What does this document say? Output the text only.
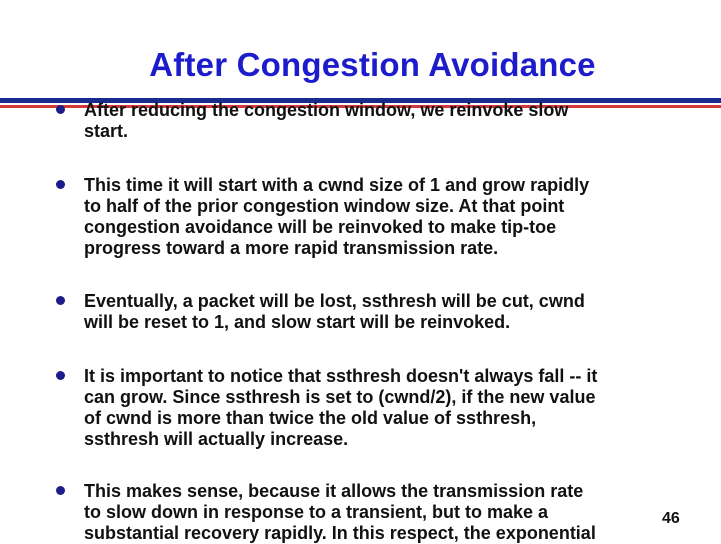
After Congestion Avoidance
After reducing the congestion window, we reinvoke slow
start.
This time it will start with a cwnd size of 1 and grow rapidly
to half of the prior congestion window size. At that point
congestion avoidance will be reinvoked to make tip-toe
progress toward a more rapid transmission rate.
Eventually, a packet will be lost, ssthresh will be cut, cwnd
will be reset to 1, and slow start will be reinvoked.
It is important to notice that ssthresh doesn't always fall -- it
can grow. Since ssthresh is set to (cwnd/2), if the new value
of cwnd is more than twice the old value of ssthresh,
ssthresh will actually increase.
This makes sense, because it allows the transmission rate
to slow down in response to a transient, but to make a
substantial recovery rapidly. In this respect, the exponential
46
